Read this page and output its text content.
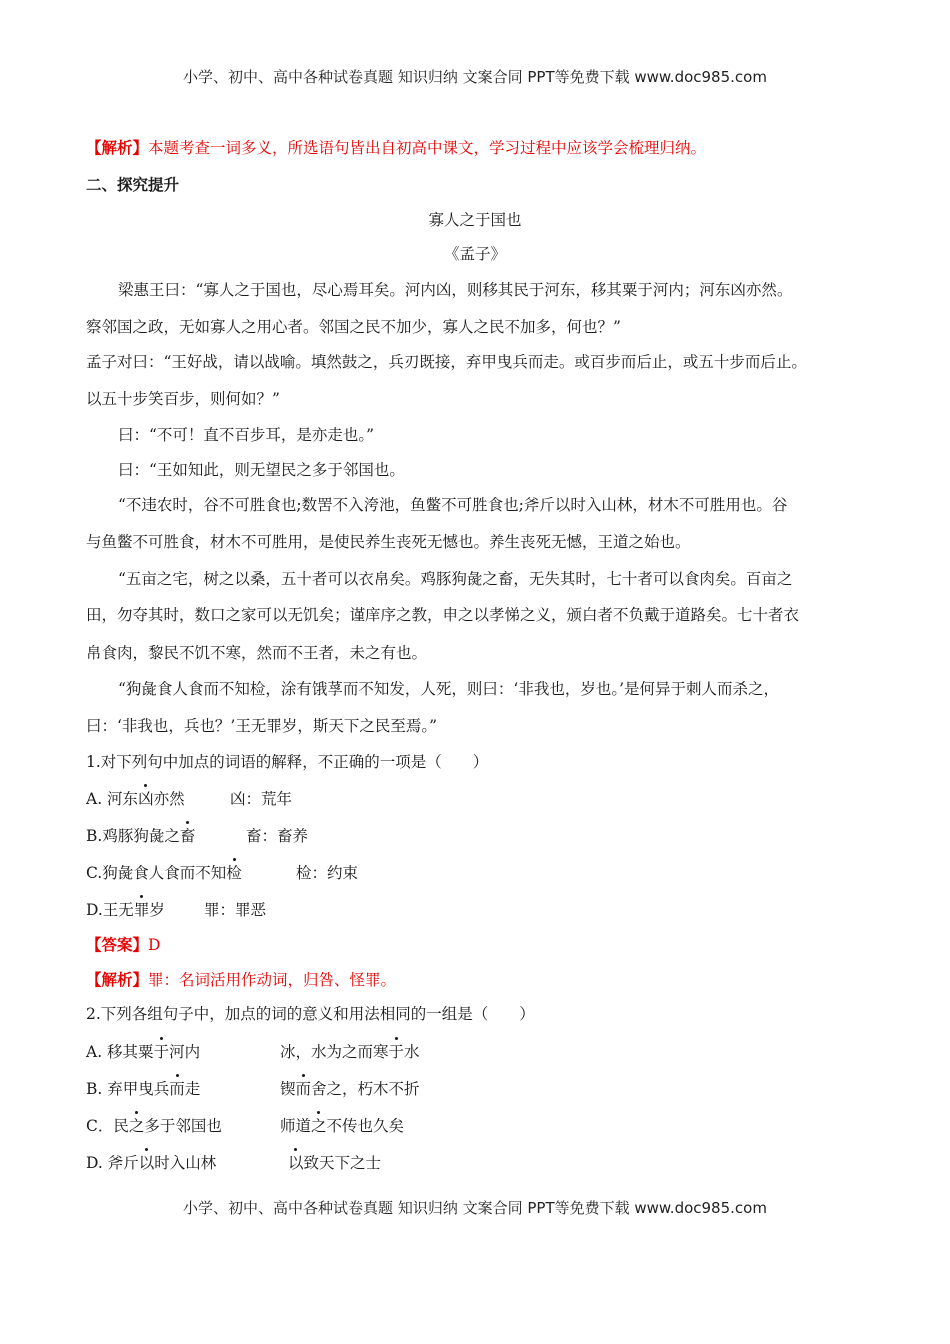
小学、初中、高中各种试卷真题 知识归纳 文案合同 PPT等免费下载 www.doc985.com
【解析】本题考查一词多义，所选语句皆出自初高中课文，学习过程中应该学会梳理归纳。
二、探究提升
寡人之于国也
《孟子》
梁惠王曰：“寡人之于国也，尽心焉耳矣。河内凶，则移其民于河东，移其粟于河内；河东凶亦然。
察邻国之政，无如寡人之用心者。邻国之民不加少，寡人之民不加多，何也？”
孟子对曰：“王好战，请以战喻。填然鼓之，兵刃既接，弃甲曳兵而走。或百步而后止，或五十步而后止。
以五十步笑百步，则何如？”
曰：“不可！直不百步耳，是亦走也。”
曰：“王如知此，则无望民之多于邻国也。
“不违农时，谷不可胜食也;数罟不入洿池，鱼鳖不可胜食也;斧斤以时入山林，材木不可胜用也。谷
与鱼鳖不可胜食，材木不可胜用，是使民养生丧死无憾也。养生丧死无憾，王道之始也。
“五亩之宅，树之以桑，五十者可以衣帛矣。鸡豚狗彘之畜，无失其时，七十者可以食肉矣。百亩之
田，勿夺其时，数口之家可以无饥矣；谨庠序之教，申之以孝悌之义，颁白者不负戴于道路矣。七十者衣
帛食肉，黎民不饥不寒，然而不王者，未之有也。
“狗彘食人食而不知检，涂有饿莩而不知发，人死，则曰：‘非我也，岁也。’是何异于刺人而杀之，
曰：‘非我也，兵也？’王无罪岁，斯天下之民至焉。”
1.对下列句中加点的词语的解释，不正确的一项是（　　）
A. 河东凶亦然	凶：荒年
B.鸡豚狗彘之畜	畜：畜养
C.狗彘食人食而不知检	检：约束
D.王无罪岁	罪：罪恶
【答案】D
【解析】罪：名词活用作动词，归咎、怪罪。
2.下列各组句子中，加点的词的意义和用法相同的一组是（　　）
A. 移其粟于河内	冰，水为之而寒于水
B. 弃甲曳兵而走	锲而舍之，朽木不折
C．民之多于邻国也	师道之不传也久矣
D. 斧斤以时入山林	以致天下之士
小学、初中、高中各种试卷真题 知识归纳 文案合同 PPT等免费下载 www.doc985.com
